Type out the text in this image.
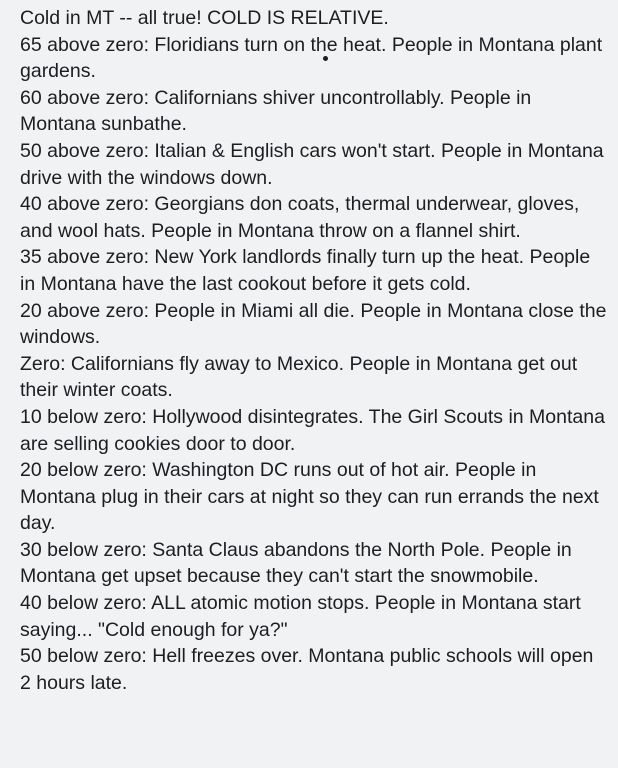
Cold in MT -- all true! COLD IS RELATIVE.

65 above zero: Floridians turn on the heat. People in Montana plant gardens.

60 above zero: Californians shiver uncontrollably. People in Montana sunbathe.

50 above zero: Italian & English cars won't start. People in Montana drive with the windows down.

40 above zero: Georgians don coats, thermal underwear, gloves, and wool hats. People in Montana throw on a flannel shirt.

35 above zero: New York landlords finally turn up the heat. People in Montana have the last cookout before it gets cold.

20 above zero: People in Miami all die. People in Montana close the windows.

Zero: Californians fly away to Mexico. People in Montana get out their winter coats.

10 below zero: Hollywood disintegrates. The Girl Scouts in Montana are selling cookies door to door.

20 below zero: Washington DC runs out of hot air. People in Montana plug in their cars at night so they can run errands the next day.

30 below zero: Santa Claus abandons the North Pole. People in Montana get upset because they can't start the snowmobile.

40 below zero: ALL atomic motion stops. People in Montana start saying... "Cold enough for ya?"

50 below zero: Hell freezes over. Montana public schools will open 2 hours late.
